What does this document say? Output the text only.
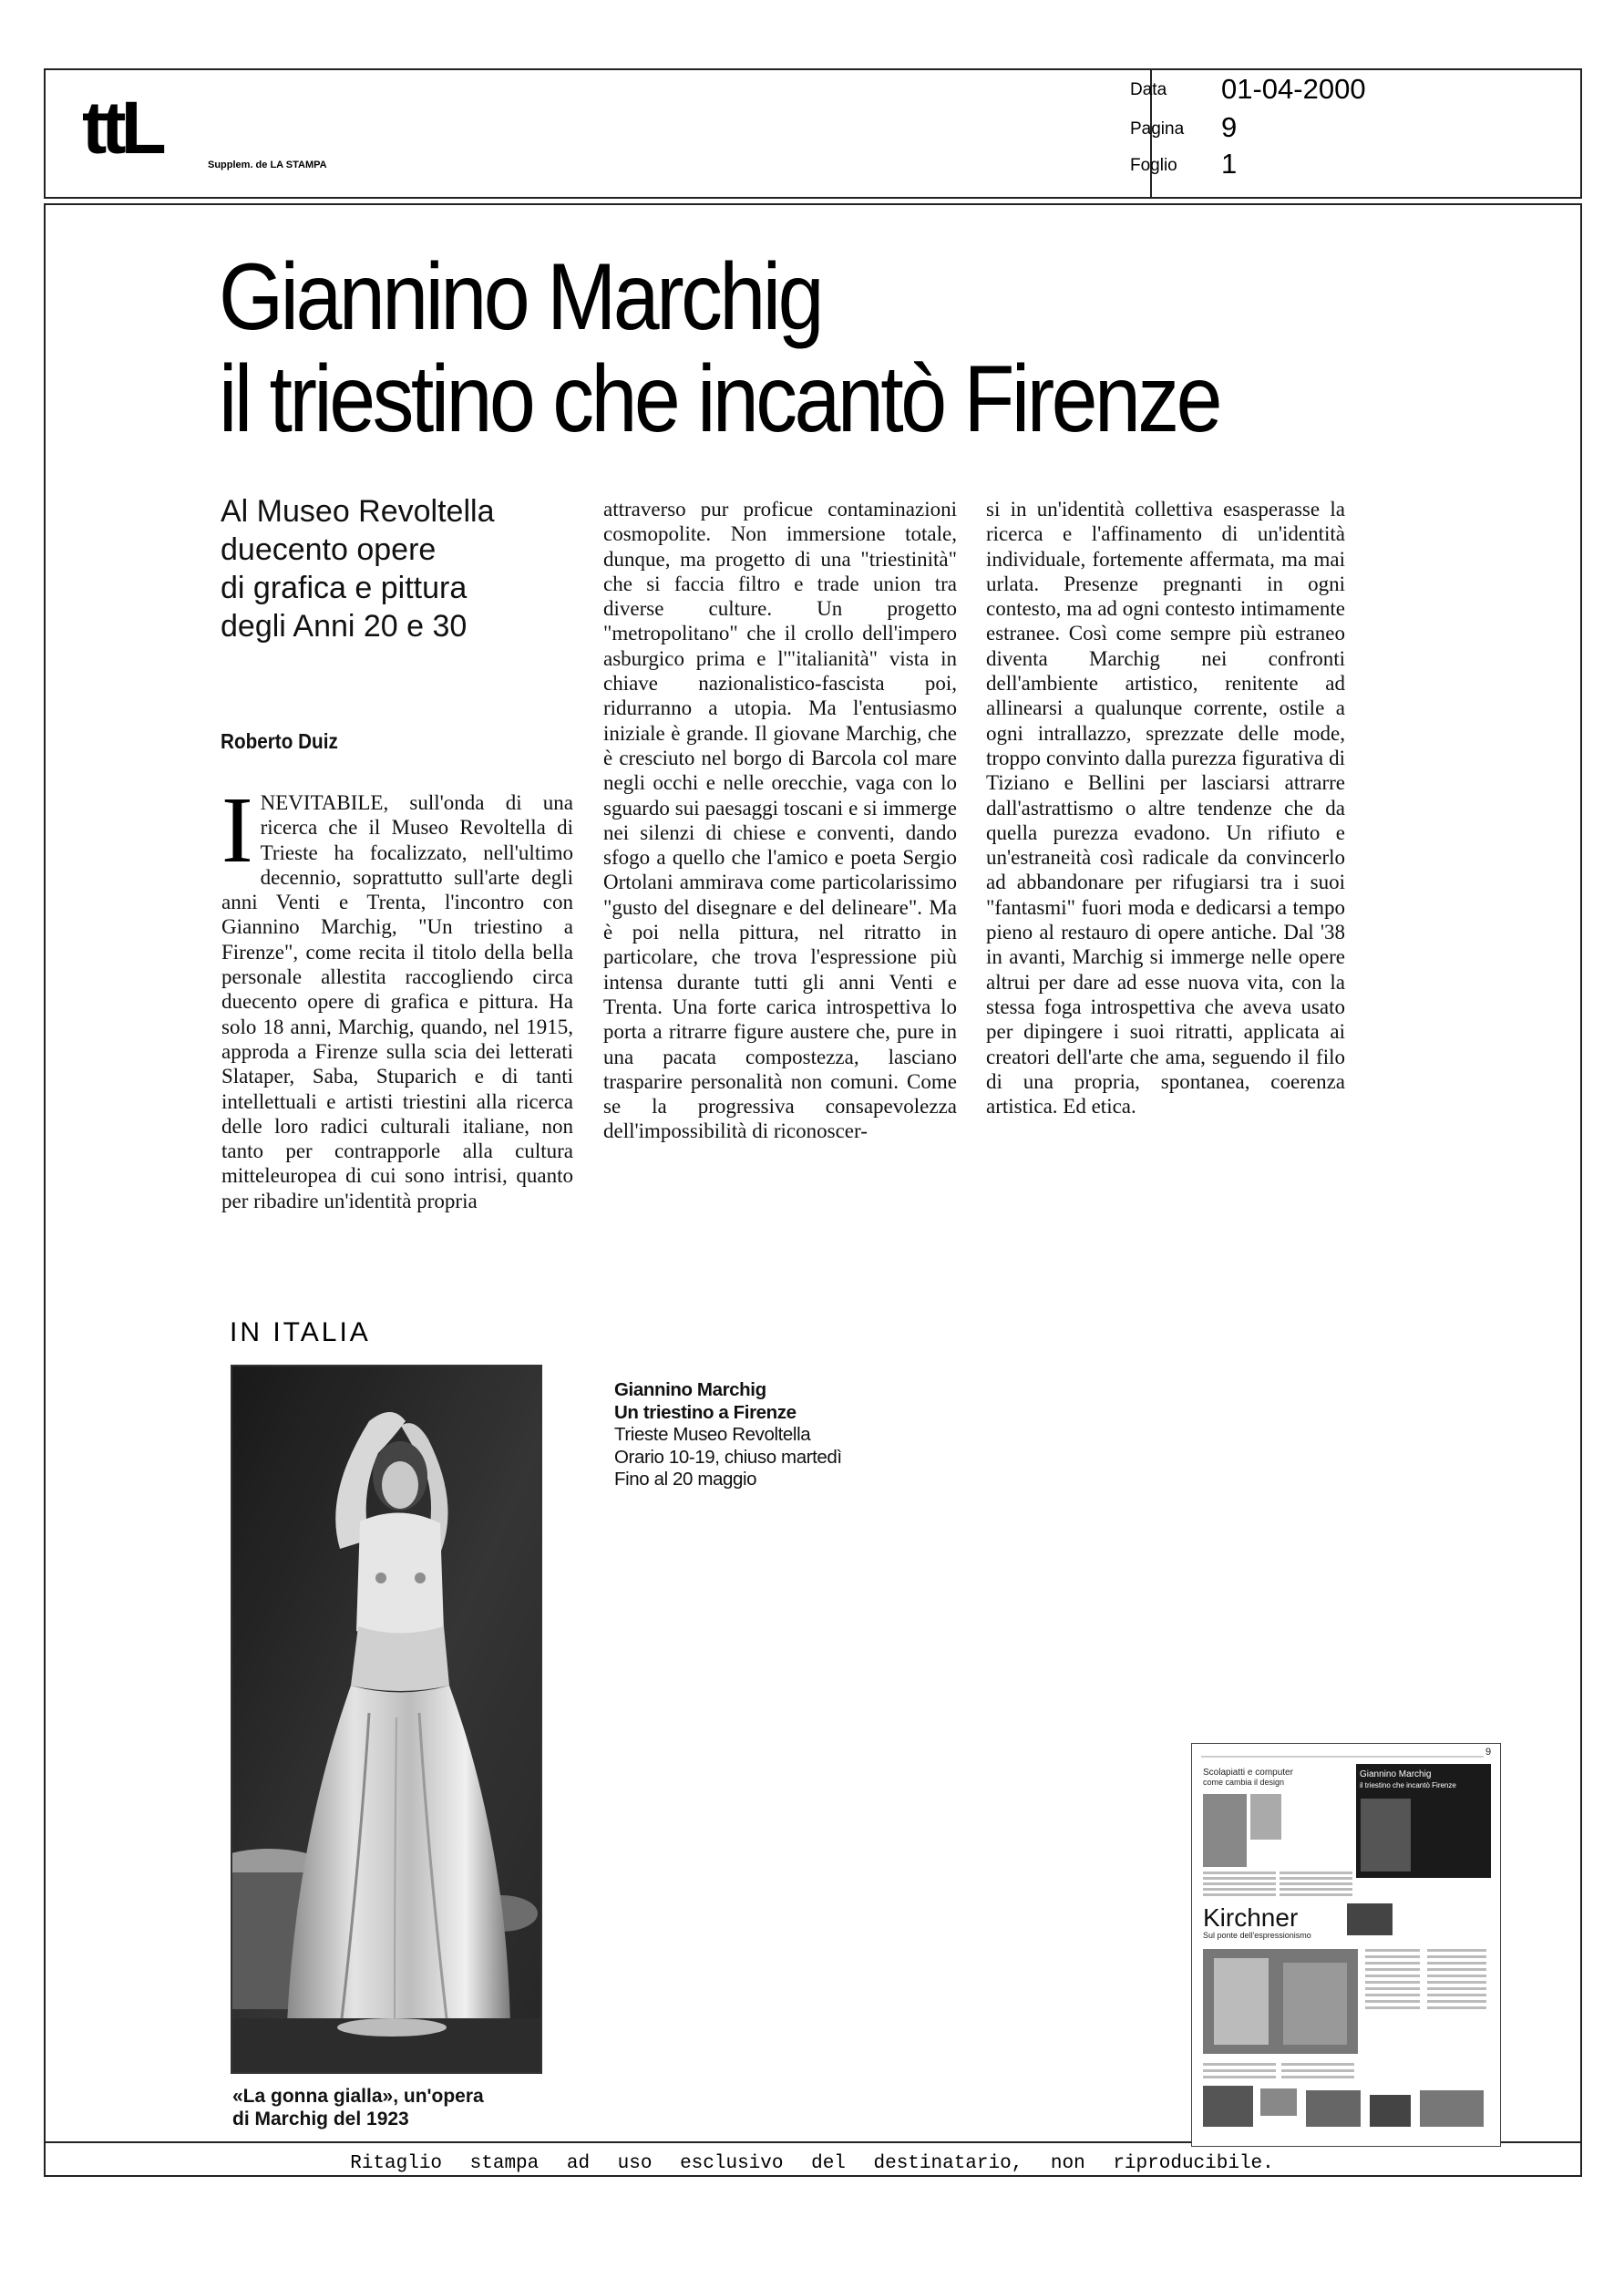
ttL	Supplem. de LA STAMPA
Data 01-04-2000
Pagina 9
Foglio 1
Giannino Marchig
il triestino che incantò Firenze
Al Museo Revoltella
duecento opere
di grafica e pittura
degli Anni 20 e 30
Roberto Duiz

INEVITABILE, sull'onda di una ricerca che il Museo Revoltella di Trieste ha focalizzato, nell'ultimo decennio, soprattutto sull'arte degli anni Venti e Trenta, l'incontro con Giannino Marchig, "Un triestino a Firenze", come recita il titolo della bella personale allestita raccogliendo circa duecento opere di grafica e pittura. Ha solo 18 anni, Marchig, quando, nel 1915, approda a Firenze sulla scia dei letterati Slataper, Saba, Stuparich e di tanti intellettuali e artisti triestini alla ricerca delle loro radici culturali italiane, non tanto per contrapporle alla cultura mitteleuropea di cui sono intrisi, quanto per ribadire un'identità propria

attraverso pur proficue contaminazioni cosmopolite. Non immersione totale, dunque, ma progetto di una "triestinità" che si faccia filtro e trade union tra diverse culture. Un progetto "metropolitano" che il crollo dell'impero asburgico prima e l'"italianità" vista in chiave nazionalistico-fascista poi, ridurranno a utopia. Ma l'entusiasmo iniziale è grande. Il giovane Marchig, che è cresciuto nel borgo di Barcola col mare negli occhi e nelle orecchie, vaga con lo sguardo sui paesaggi toscani e si immerge nei silenzi di chiese e conventi, dando sfogo a quello che l'amico e poeta Sergio Ortolani ammirava come particolarissimo "gusto del disegnare e del delineare". Ma è poi nella pittura, nel ritratto in particolare, che trova l'espressione più intensa durante tutti gli anni Venti e Trenta. Una forte carica introspettiva lo porta a ritrarre figure austere che, pure in una pacata compostezza, lasciano trasparire personalità non comuni. Come se la progressiva consapevolezza dell'impossibilità di riconoscer-

si in un'identità collettiva esasperasse la ricerca e l'affinamento di un'identità individuale, fortemente affermata, ma mai urlata. Presenze pregnanti in ogni contesto, ma ad ogni contesto intimamente estranee. Così come sempre più estraneo diventa Marchig nei confronti dell'ambiente artistico, renitente ad allinearsi a qualunque corrente, ostile a ogni intrallazzo, sprezzate delle mode, troppo convinto dalla purezza figurativa di Tiziano e Bellini per lasciarsi attrarre dall'astrattismo o altre tendenze che da quella purezza evadono. Un rifiuto e un'estraneità così radicale da convincerlo ad abbandonare per rifugiarsi tra i suoi "fantasmi" fuori moda e dedicarsi a tempo pieno al restauro di opere antiche. Dal '38 in avanti, Marchig si immerge nelle opere altrui per dare ad esse nuova vita, con la stessa foga introspettiva che aveva usato per dipingere i suoi ritratti, applicata ai creatori dell'arte che ama, seguendo il filo di una propria, spontanea, coerenza artistica. Ed etica.

IN ITALIA
«La gonna gialla», un'opera
di Marchig del 1923
Giannino Marchig
Un triestino a Firenze
Trieste Museo Revoltella
Orario 10-19, chiuso martedì
Fino al 20 maggio
9
Scolapiatti e computer
come cambia il design
Giannino Marchig
il triestino che incantò Firenze
Kirchner
Sul ponte dell'espressionismo
Ritaglio stampa ad uso esclusivo del destinatario, non riproducibile.
